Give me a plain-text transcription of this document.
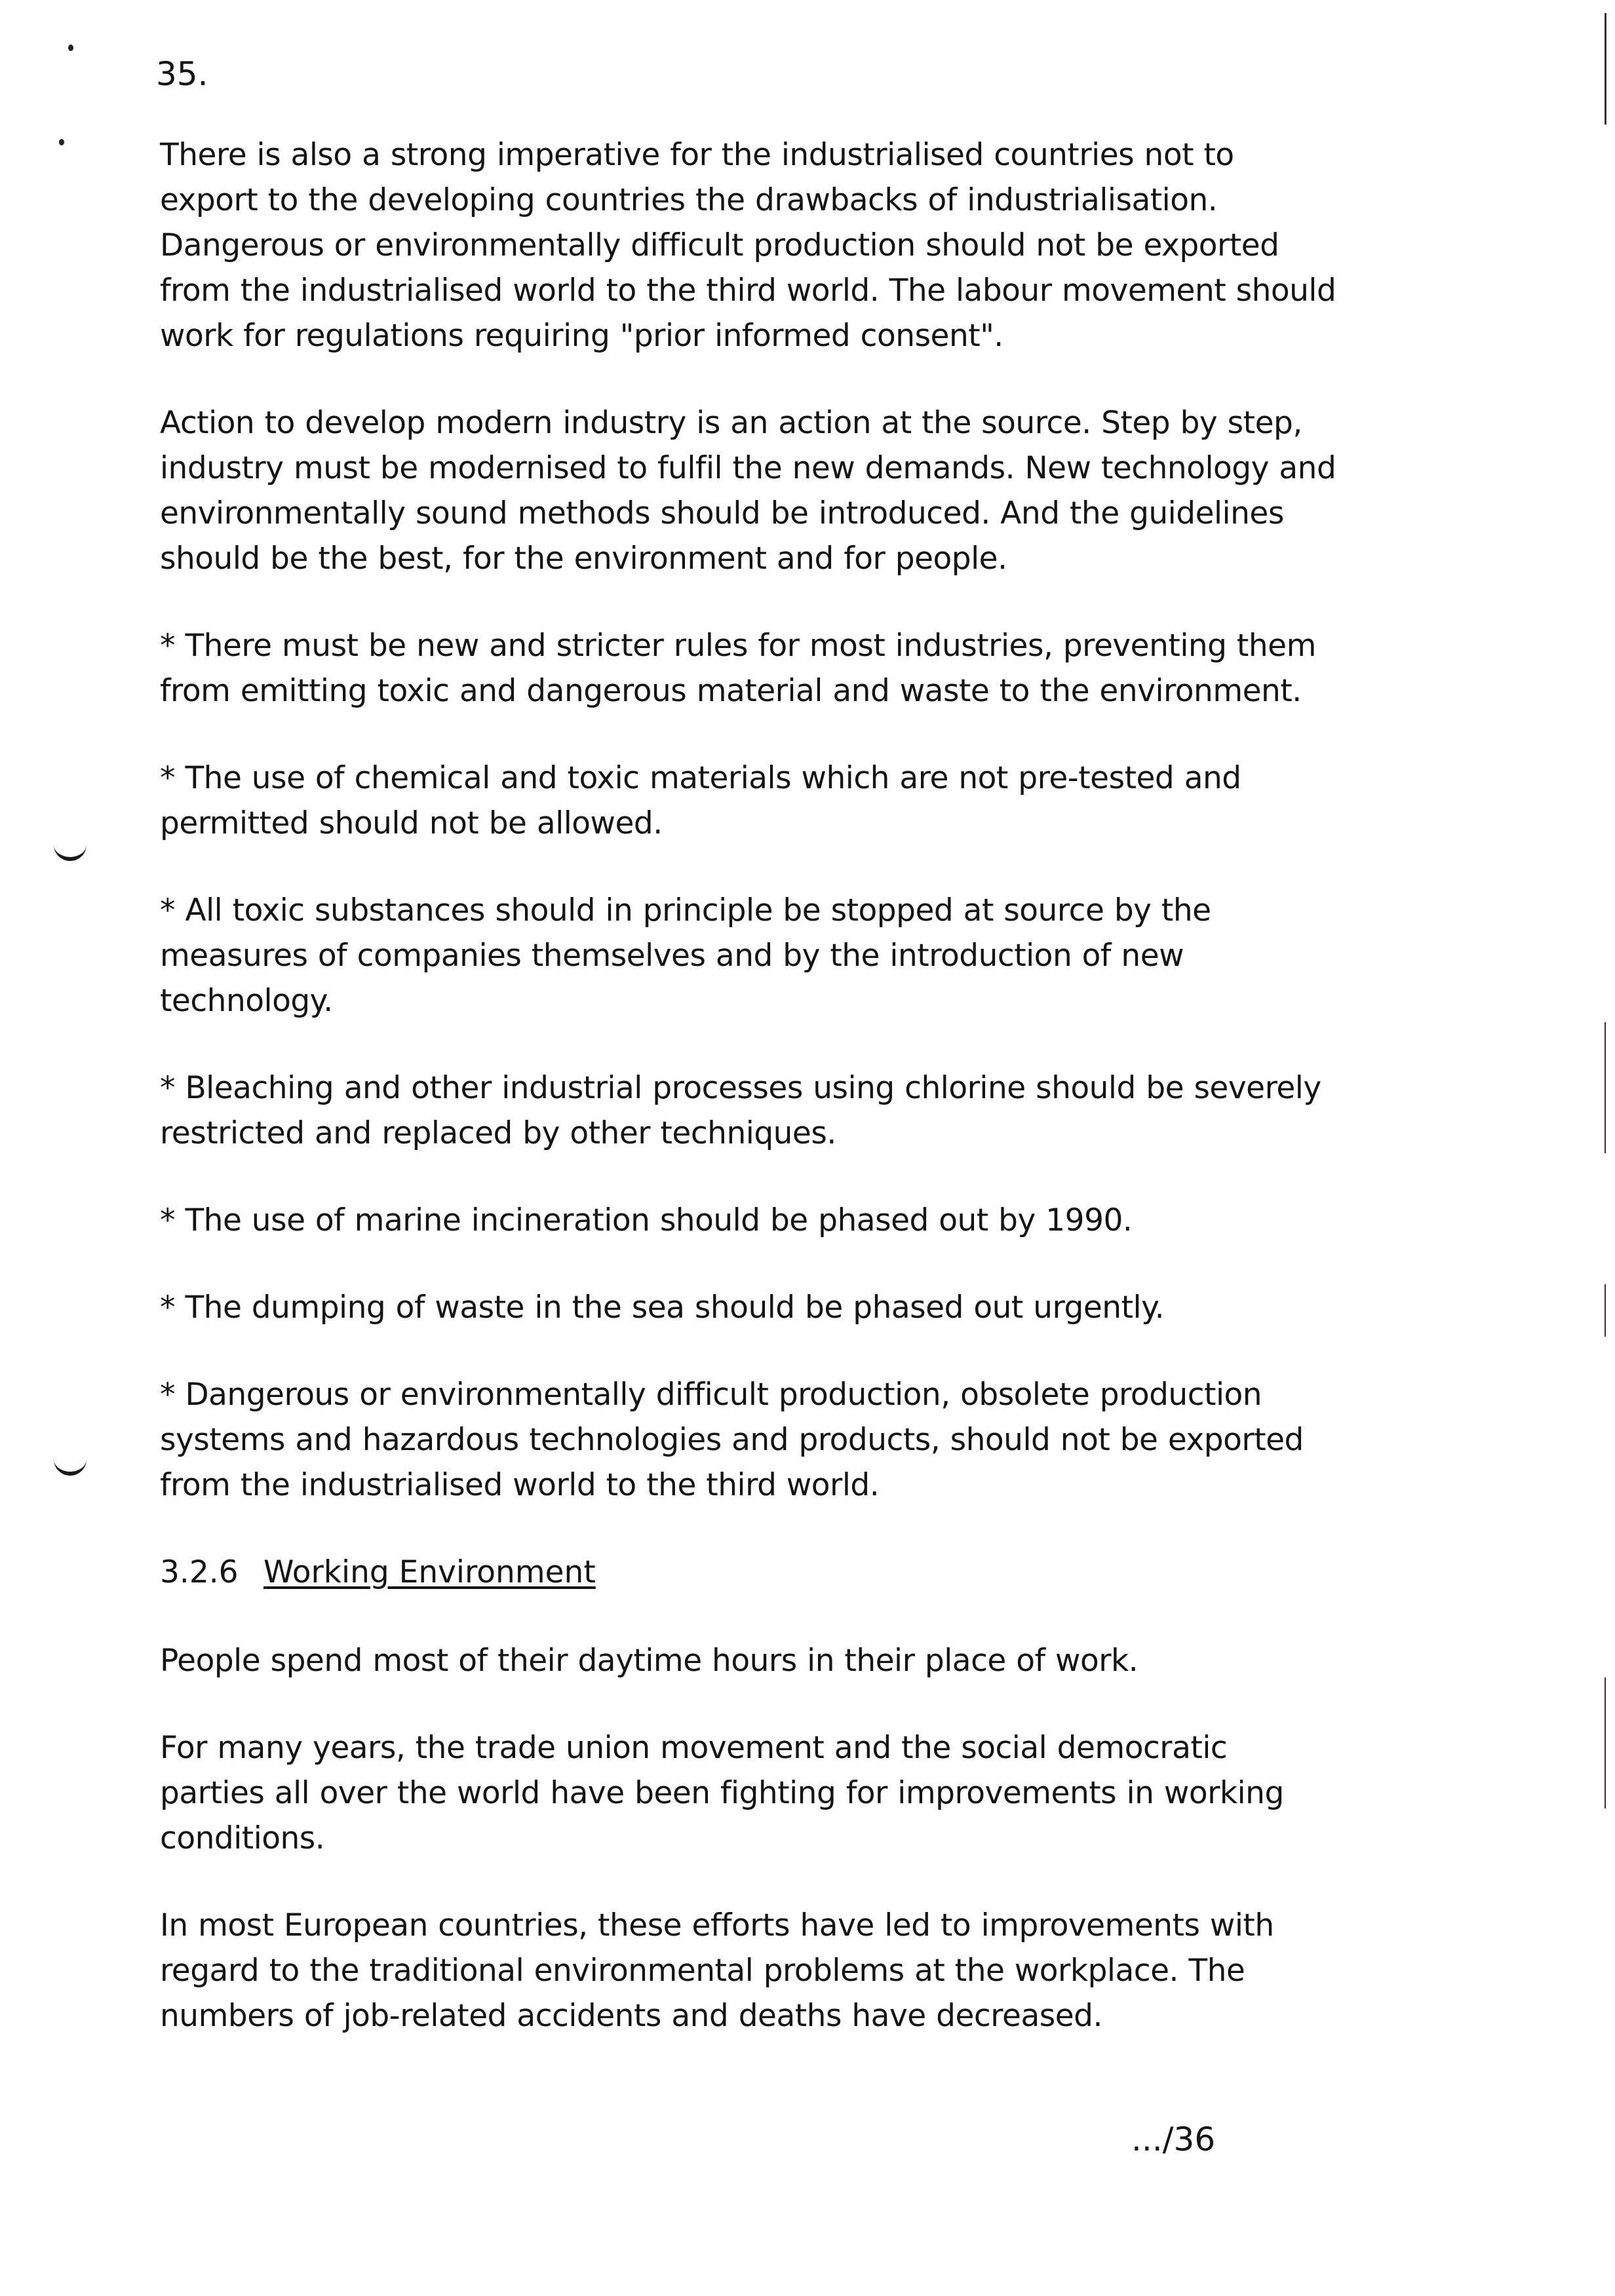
35.

There is also a strong imperative for the industrialised countries not to export to the developing countries the drawbacks of industrialisation. Dangerous or environmentally difficult production should not be exported from the industrialised world to the third world. The labour movement should work for regulations requiring "prior informed consent".

Action to develop modern industry is an action at the source. Step by step, industry must be modernised to fulfil the new demands. New technology and environmentally sound methods should be introduced. And the guidelines should be the best, for the environment and for people.

* There must be new and stricter rules for most industries, preventing them from emitting toxic and dangerous material and waste to the environment.

* The use of chemical and toxic materials which are not pre-tested and permitted should not be allowed.

* All toxic substances should in principle be stopped at source by the measures of companies themselves and by the introduction of new technology.

* Bleaching and other industrial processes using chlorine should be severely restricted and replaced by other techniques.

* The use of marine incineration should be phased out by 1990.

* The dumping of waste in the sea should be phased out urgently.

* Dangerous or environmentally difficult production, obsolete production systems and hazardous technologies and products, should not be exported from the industrialised world to the third world.

3.2.6 Working Environment

People spend most of their daytime hours in their place of work.

For many years, the trade union movement and the social democratic parties all over the world have been fighting for improvements in working conditions.

In most European countries, these efforts have led to improvements with regard to the traditional environmental problems at the workplace. The numbers of job-related accidents and deaths have decreased.

.../36
